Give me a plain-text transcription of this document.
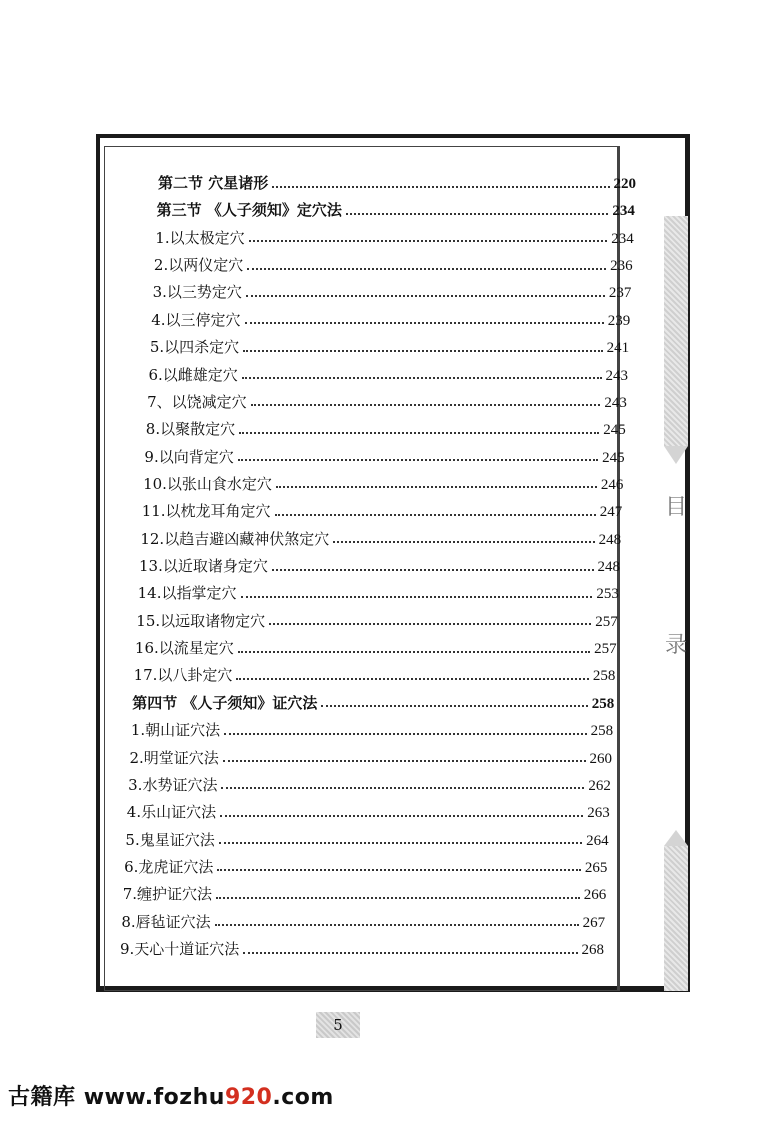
目
录
第二节 穴星诸形	220
第三节 《人子须知》定穴法	234
1.以太极定穴	234
2.以两仪定穴	236
3.以三势定穴	237
4.以三停定穴	239
5.以四杀定穴	241
6.以雌雄定穴	243
7、以饶减定穴	243
8.以聚散定穴	245
9.以向背定穴	245
10.以张山食水定穴	246
11.以枕龙耳角定穴	247
12.以趋吉避凶藏神伏煞定穴	248
13.以近取诸身定穴	248
14.以指掌定穴	253
15.以远取诸物定穴	257
16.以流星定穴	257
17.以八卦定穴	258
第四节 《人子须知》证穴法	258
1.朝山证穴法	258
2.明堂证穴法	260
3.水势证穴法	262
4.乐山证穴法	263
5.鬼星证穴法	264
6.龙虎证穴法	265
7.缠护证穴法	266
8.唇毡证穴法	267
9.天心十道证穴法	268
5
古籍库 www.fozhu920.com
